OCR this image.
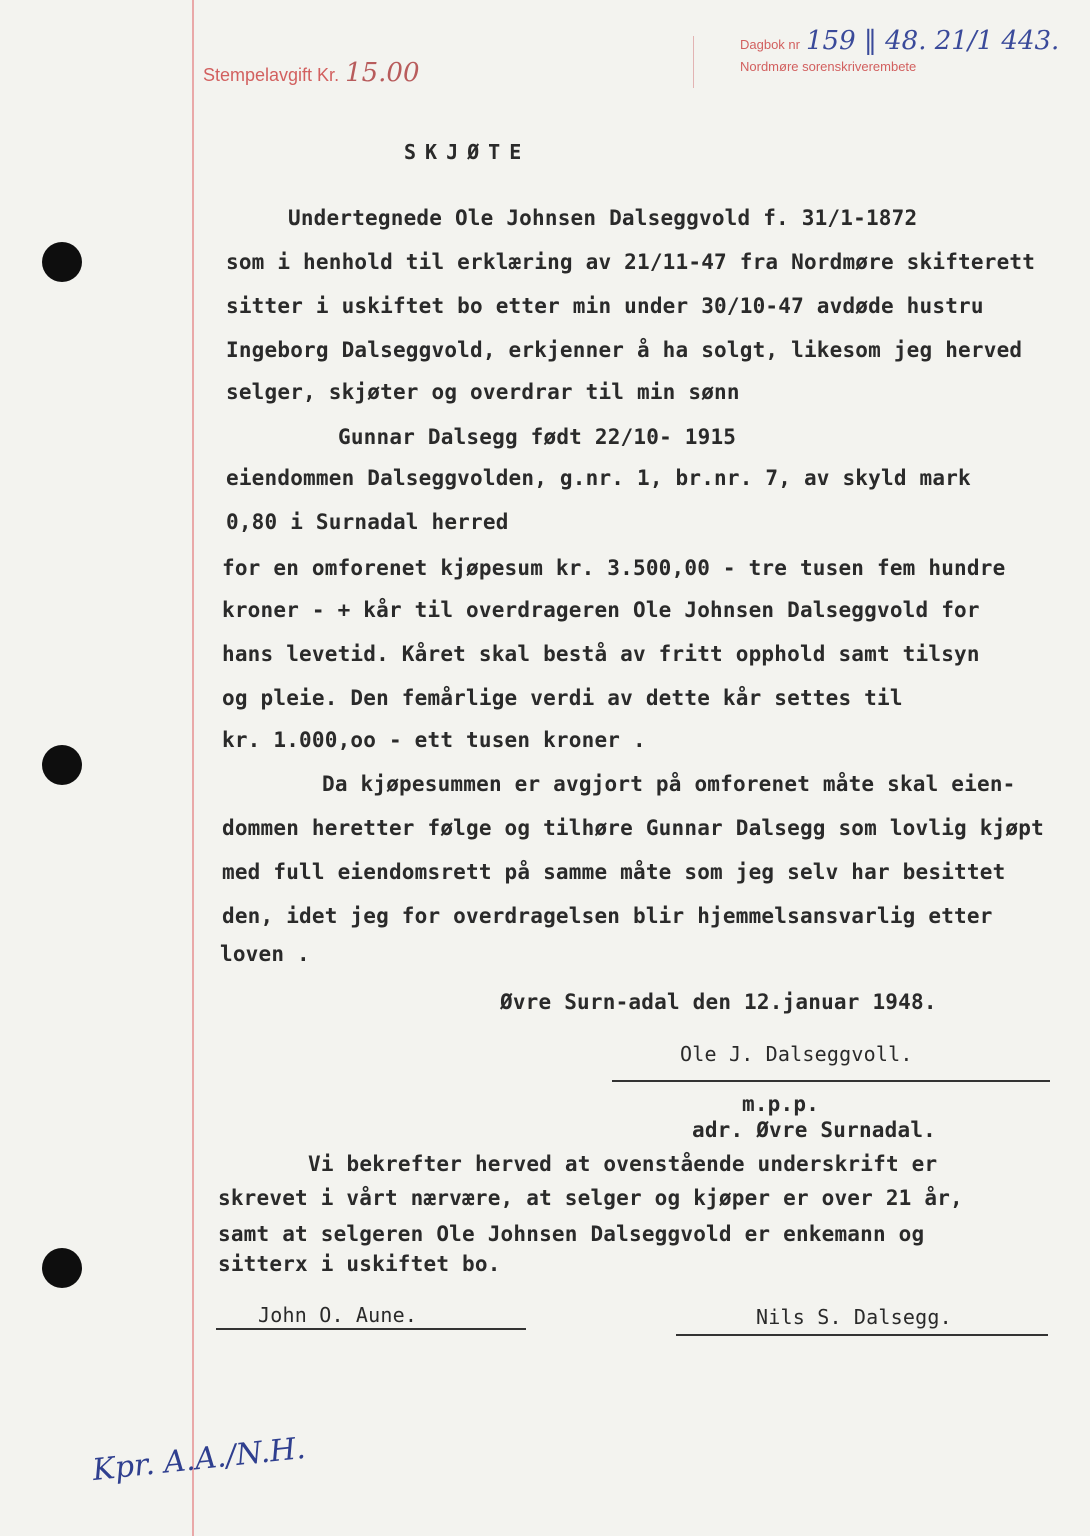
Stempelavgift Kr. 15.00
Dagbok nr 159 ‖ 48. 21/1 443.
Nordmøre sorenskriverembete
SKJØTE
Undertegnede Ole Johnsen Dalseggvold f. 31/1-1872
som i henhold til erklæring av 21/11-47 fra Nordmøre skifterett
sitter i uskiftet bo etter min under 30/10-47 avdøde hustru
Ingeborg Dalseggvold, erkjenner å ha solgt, likesom jeg herved
selger, skjøter og overdrar til min sønn
Gunnar Dalsegg født 22/10- 1915
eiendommen Dalseggvolden, g.nr. 1, br.nr. 7, av skyld mark
0,80 i Surnadal herred
for en omforenet kjøpesum kr. 3.500,00 - tre tusen fem hundre
kroner - + kår til overdrageren Ole Johnsen Dalseggvold for
hans levetid. Kåret skal bestå av fritt opphold samt tilsyn
og pleie. Den femårlige verdi av dette kår settes til
kr. 1.000,oo - ett tusen kroner .
Da kjøpesummen er avgjort på omforenet måte skal eien-
dommen heretter følge og tilhøre Gunnar Dalsegg som lovlig kjøpt
med full eiendomsrett på samme måte som jeg selv har besittet
den, idet jeg for overdragelsen blir hjemmelsansvarlig etter
loven .
Øvre Surn-adal den 12.januar 1948.
Ole J. Dalseggvoll.
m.p.p.
adr. Øvre Surnadal.
Vi bekrefter herved at ovenstående underskrift er
skrevet i vårt nærvære, at selger og kjøper er over 21 år,
samt at selgeren Ole Johnsen Dalseggvold er enkemann og
sitterx i uskiftet bo.
John O. Aune.	Nils S. Dalsegg.
Kpr. A.A./N.H.
